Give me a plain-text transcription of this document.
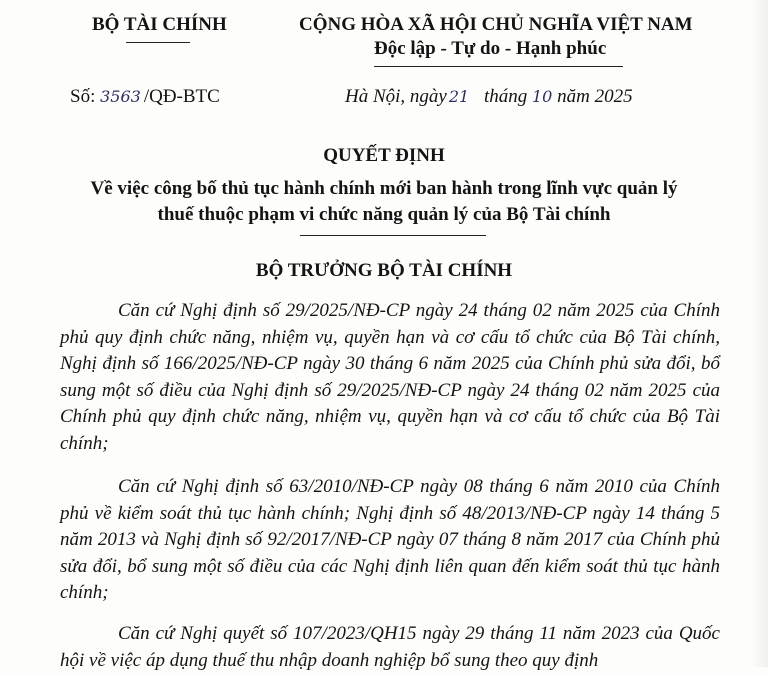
BỘ TÀI CHÍNH	CỘNG HÒA XÃ HỘI CHỦ NGHĨA VIỆT NAM
Độc lập - Tự do - Hạnh phúc
Số: 3563 /QĐ-BTC	Hà Nội, ngày 21 tháng 10 năm 2025
QUYẾT ĐỊNH
Về việc công bố thủ tục hành chính mới ban hành trong lĩnh vực quản lý
thuế thuộc phạm vi chức năng quản lý của Bộ Tài chính
BỘ TRƯỞNG BỘ TÀI CHÍNH
Căn cứ Nghị định số 29/2025/NĐ-CP ngày 24 tháng 02 năm 2025 của Chính phủ quy định chức năng, nhiệm vụ, quyền hạn và cơ cấu tổ chức của Bộ Tài chính, Nghị định số 166/2025/NĐ-CP ngày 30 tháng 6 năm 2025 của Chính phủ sửa đổi, bổ sung một số điều của Nghị định số 29/2025/NĐ-CP ngày 24 tháng 02 năm 2025 của Chính phủ quy định chức năng, nhiệm vụ, quyền hạn và cơ cấu tổ chức của Bộ Tài chính;
Căn cứ Nghị định số 63/2010/NĐ-CP ngày 08 tháng 6 năm 2010 của Chính phủ về kiểm soát thủ tục hành chính; Nghị định số 48/2013/NĐ-CP ngày 14 tháng 5 năm 2013 và Nghị định số 92/2017/NĐ-CP ngày 07 tháng 8 năm 2017 của Chính phủ sửa đổi, bổ sung một số điều của các Nghị định liên quan đến kiểm soát thủ tục hành chính;
Căn cứ Nghị quyết số 107/2023/QH15 ngày 29 tháng 11 năm 2023 của Quốc hội về việc áp dụng thuế thu nhập doanh nghiệp bổ sung theo quy định
